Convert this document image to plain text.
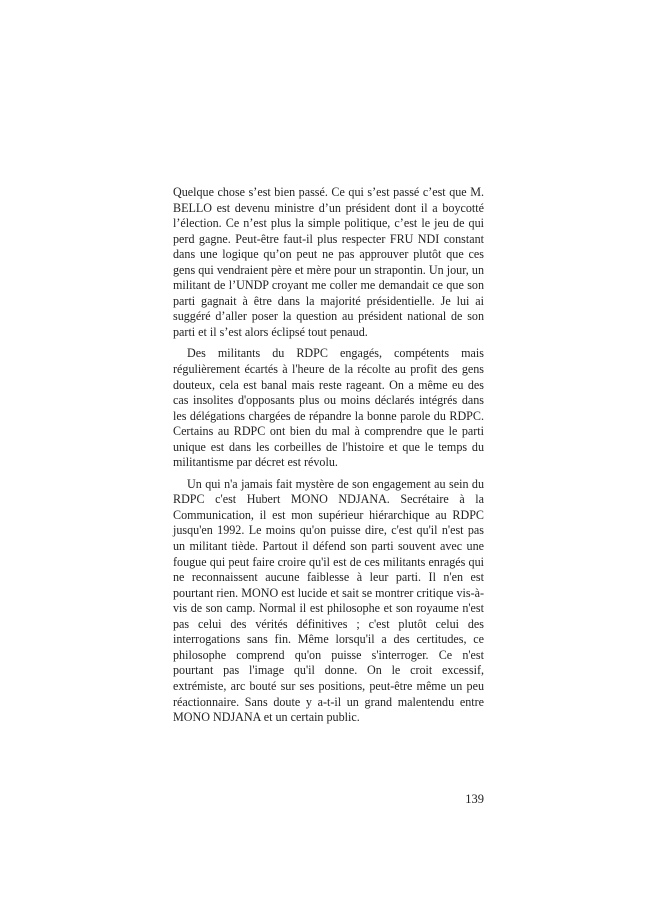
Quelque chose s’est bien passé. Ce qui s’est passé c’est que M. BELLO est devenu ministre d’un président dont il a boycotté l’élection. Ce n’est plus la simple politique, c’est le jeu de qui perd gagne. Peut-être faut-il plus respecter FRU NDI constant dans une logique qu’on peut ne pas approuver plutôt que ces gens qui vendraient père et mère pour un strapontin. Un jour, un militant de l’UNDP croyant me coller me demandait ce que son parti gagnait à être dans la majorité présidentielle. Je lui ai suggéré d’aller poser la question au président national de son parti et il s’est alors éclipsé tout penaud.

Des militants du RDPC engagés, compétents mais régulièrement écartés à l'heure de la récolte au profit des gens douteux, cela est banal mais reste rageant. On a même eu des cas insolites d'opposants plus ou moins déclarés intégrés dans les délégations chargées de répandre la bonne parole du RDPC. Certains au RDPC ont bien du mal à comprendre que le parti unique est dans les corbeilles de l'histoire et que le temps du militantisme par décret est révolu.

Un qui n'a jamais fait mystère de son engagement au sein du RDPC c'est Hubert MONO NDJANA. Secrétaire à la Communication, il est mon supérieur hiérarchique au RDPC jusqu'en 1992. Le moins qu'on puisse dire, c'est qu'il n'est pas un militant tiède. Partout il défend son parti souvent avec une fougue qui peut faire croire qu'il est de ces militants enragés qui ne reconnaissent aucune faiblesse à leur parti. Il n'en est pourtant rien. MONO est lucide et sait se montrer critique vis-à-vis de son camp. Normal il est philosophe et son royaume n'est pas celui des vérités définitives ; c'est plutôt celui des interrogations sans fin. Même lorsqu'il a des certitudes, ce philosophe comprend qu'on puisse s'interroger. Ce n'est pourtant pas l'image qu'il donne. On le croit excessif, extrémiste, arc bouté sur ses positions, peut-être même un peu réactionnaire. Sans doute y a-t-il un grand malentendu entre MONO NDJANA et un certain public.

139
